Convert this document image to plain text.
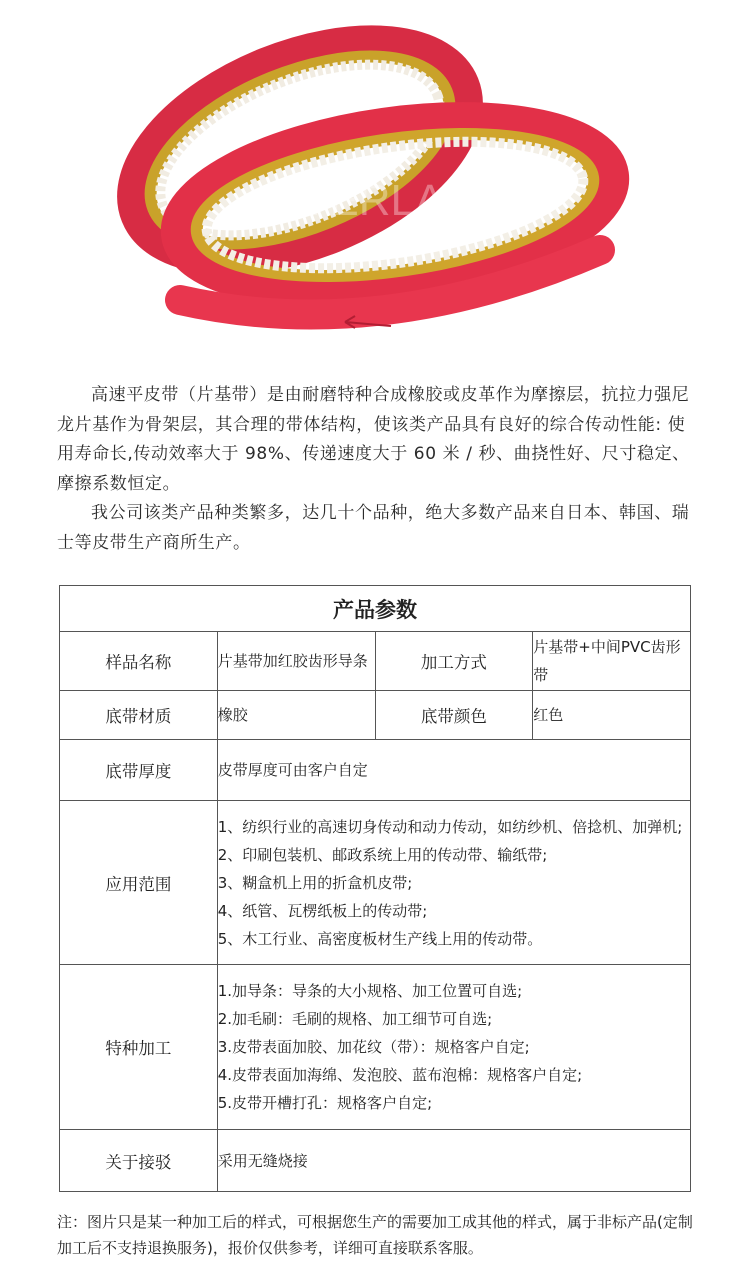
VERLA 荣

高速平皮带（片基带）是由耐磨特种合成橡胶或皮革作为摩擦层，抗拉力强尼龙片基作为骨架层，其合理的带体结构，使该类产品具有良好的综合传动性能: 使用寿命长,传动效率大于 98%、传递速度大于 60 米 / 秒、曲挠性好、尺寸稳定、摩擦系数恒定。

我公司该类产品种类繁多，达几十个品种，绝大多数产品来自日本、韩国、瑞士等皮带生产商所生产。

产品参数			
样品名称	片基带加红胶齿形导条	加工方式	片基带+中间PVC齿形带
底带材质	橡胶	底带颜色	红色
底带厚度	皮带厚度可由客户自定		
应用范围	1、纺织行业的高速切身传动和动力传动，如纺纱机、倍捻机、加弹机;
2、印刷包装机、邮政系统上用的传动带、输纸带;
3、糊盒机上用的折盒机皮带;
4、纸管、瓦楞纸板上的传动带;
5、木工行业、高密度板材生产线上用的传动带。		

特种加工	1.加导条：导条的大小规格、加工位置可自选;
2.加毛刷：毛刷的规格、加工细节可自选;
3.皮带表面加胶、加花纹（带）：规格客户自定;
4.皮带表面加海绵、发泡胶、蓝布泡棉：规格客户自定;
5.皮带开槽打孔：规格客户自定;		

关于接驳	采用无缝烧接		
注：图片只是某一种加工后的样式，可根据您生产的需要加工成其他的样式，属于非标产品(定制加工后不支持退换服务)，报价仅供参考，详细可直接联系客服。
